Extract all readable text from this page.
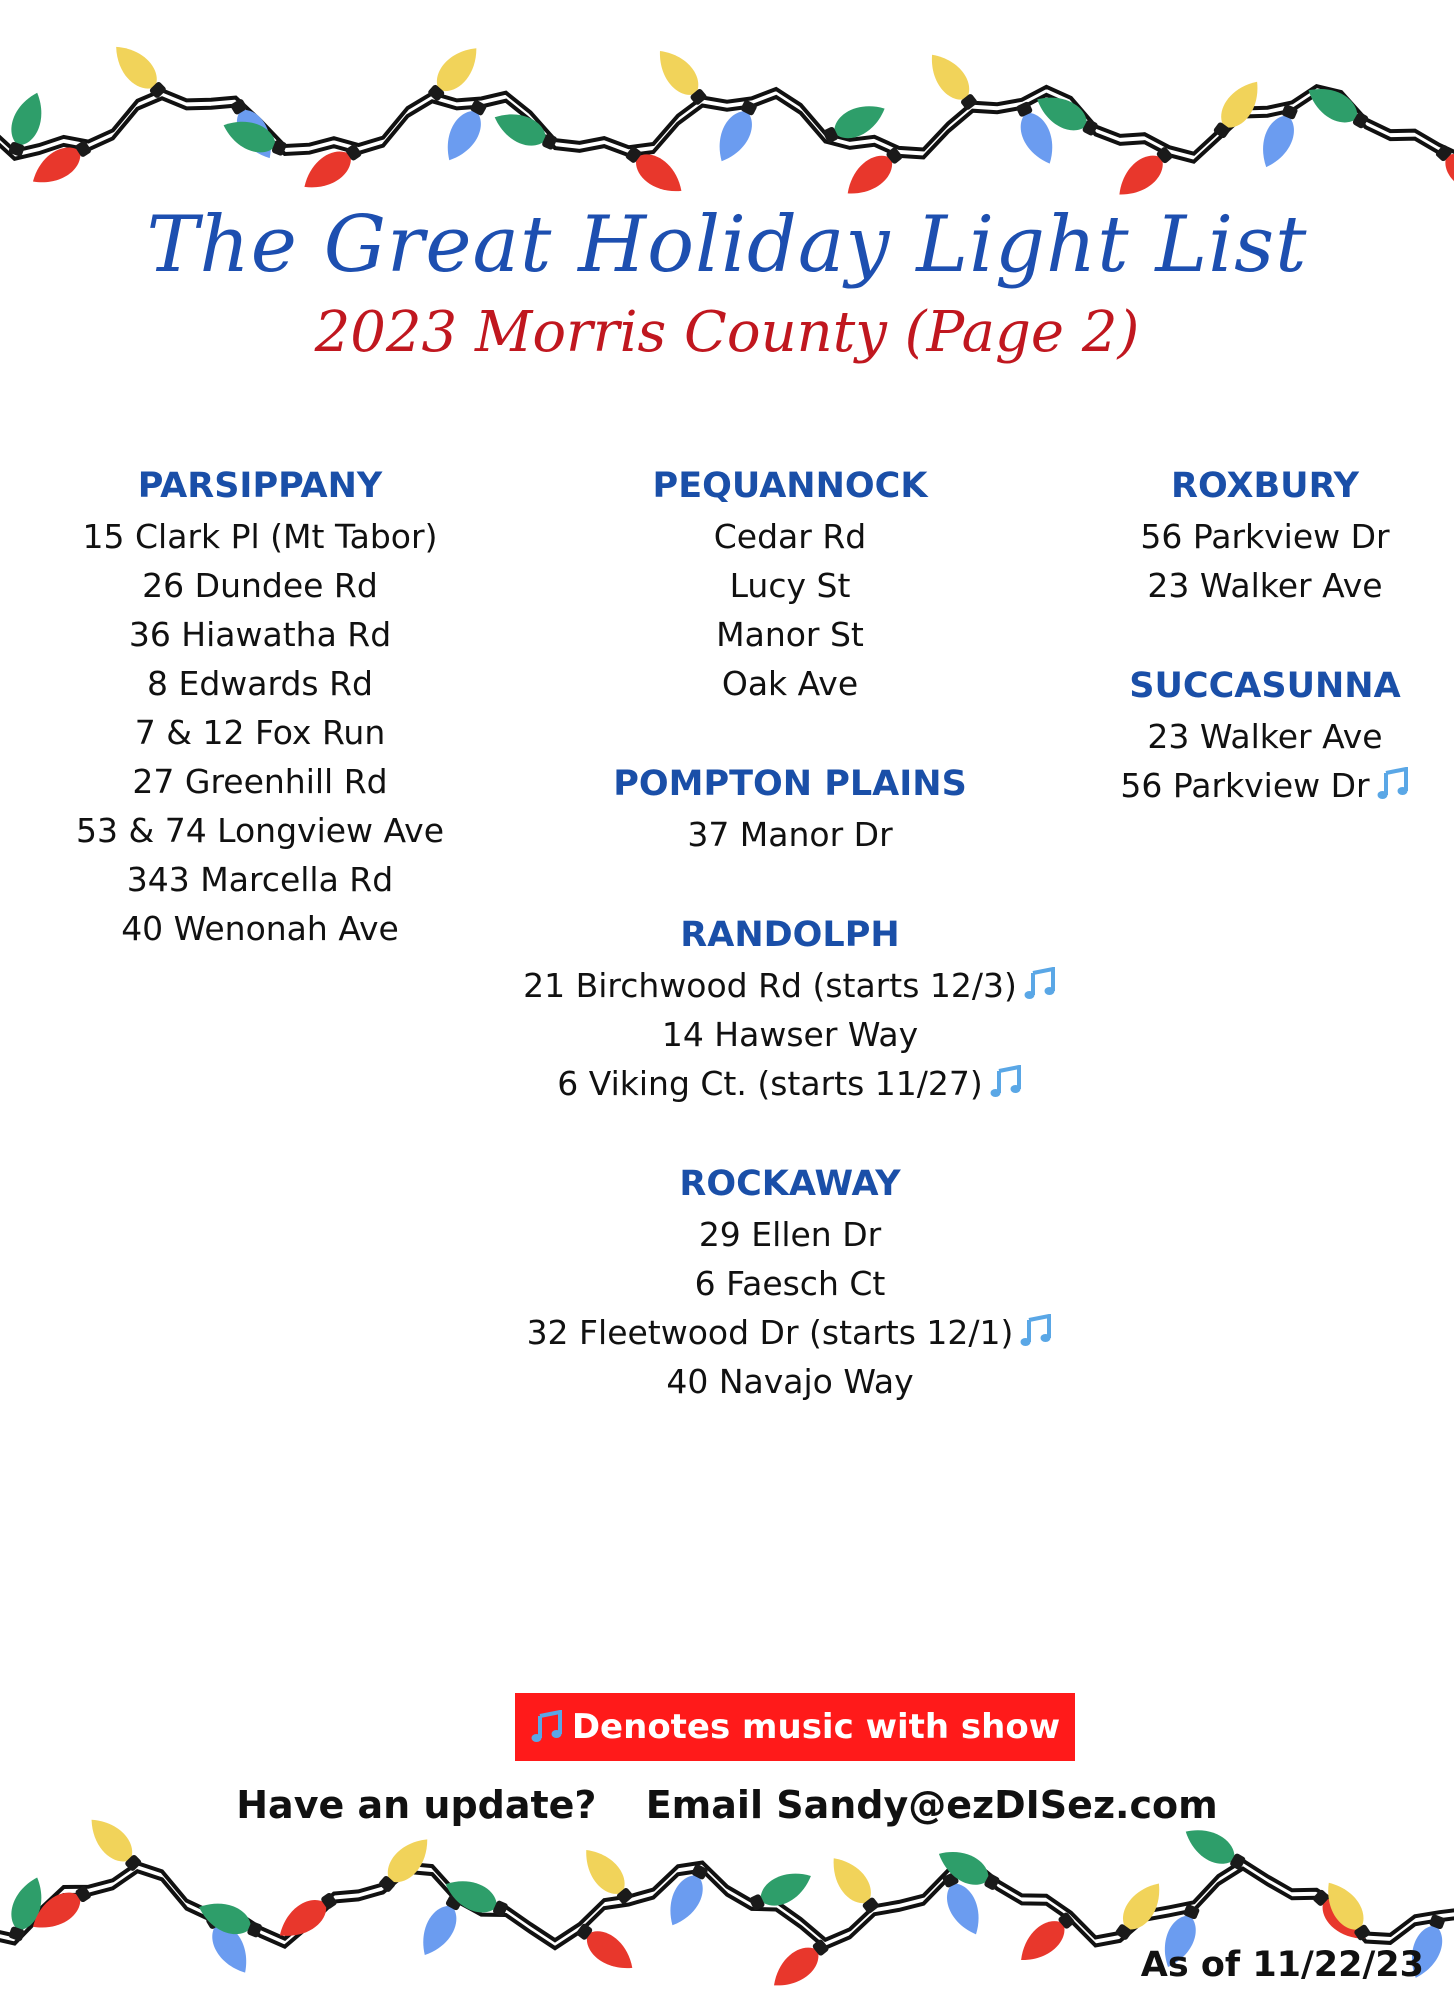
The Great Holiday Light List
2023 Morris County (Page 2)
PARSIPPANY
15 Clark Pl (Mt Tabor)
26 Dundee Rd
36 Hiawatha Rd
8 Edwards Rd
7 & 12 Fox Run
27 Greenhill Rd
53 & 74 Longview Ave
343 Marcella Rd
40 Wenonah Ave
PEQUANNOCK
Cedar Rd
Lucy St
Manor St
Oak Ave
POMPTON PLAINS
37 Manor Dr
RANDOLPH
21 Birchwood Rd (starts 12/3)
14 Hawser Way
6 Viking Ct. (starts 11/27)
ROCKAWAY
29 Ellen Dr
6 Faesch Ct
32 Fleetwood Dr (starts 12/1)
40 Navajo Way
ROXBURY
56 Parkview Dr
23 Walker Ave
SUCCASUNNA
23 Walker Ave
56 Parkview Dr
Denotes music with show
Have an update? Email Sandy@ezDISez.com
As of 11/22/23
